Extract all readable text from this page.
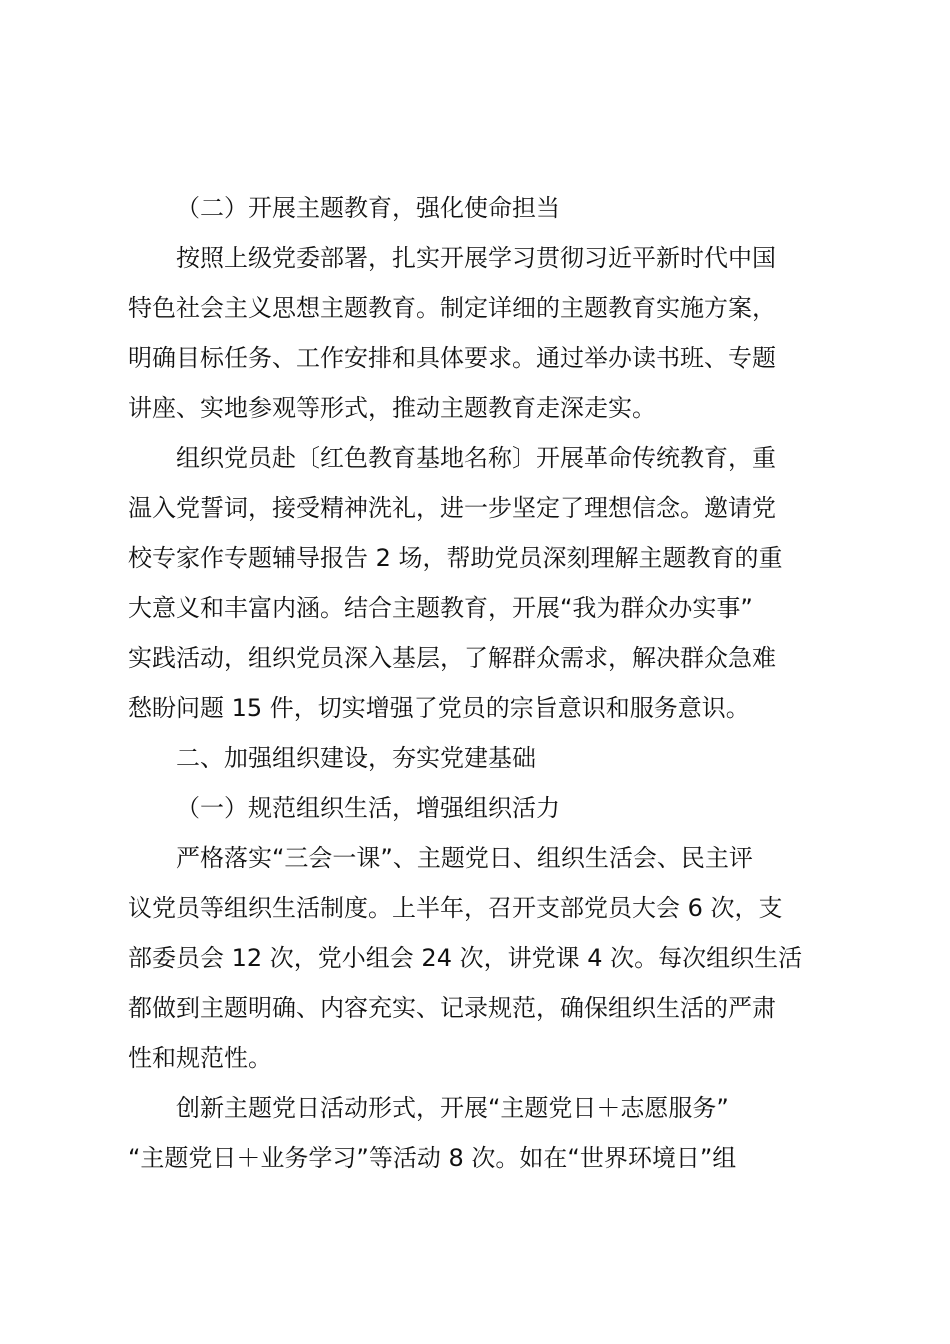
（二）开展主题教育，强化使命担当

按照上级党委部署，扎实开展学习贯彻习近平新时代中国
特色社会主义思想主题教育。制定详细的主题教育实施方案，
明确目标任务、工作安排和具体要求。通过举办读书班、专题
讲座、实地参观等形式，推动主题教育走深走实。

组织党员赴〔红色教育基地名称〕开展革命传统教育，重
温入党誓词，接受精神洗礼，进一步坚定了理想信念。邀请党
校专家作专题辅导报告 2 场，帮助党员深刻理解主题教育的重
大意义和丰富内涵。结合主题教育，开展“我为群众办实事”
实践活动，组织党员深入基层，了解群众需求，解决群众急难
愁盼问题 15 件，切实增强了党员的宗旨意识和服务意识。

二、加强组织建设，夯实党建基础

（一）规范组织生活，增强组织活力

严格落实“三会一课”、主题党日、组织生活会、民主评
议党员等组织生活制度。上半年，召开支部党员大会 6 次，支
部委员会 12 次，党小组会 24 次，讲党课 4 次。每次组织生活
都做到主题明确、内容充实、记录规范，确保组织生活的严肃
性和规范性。

创新主题党日活动形式，开展“主题党日＋志愿服务”
“主题党日＋业务学习”等活动 8 次。如在“世界环境日”组
